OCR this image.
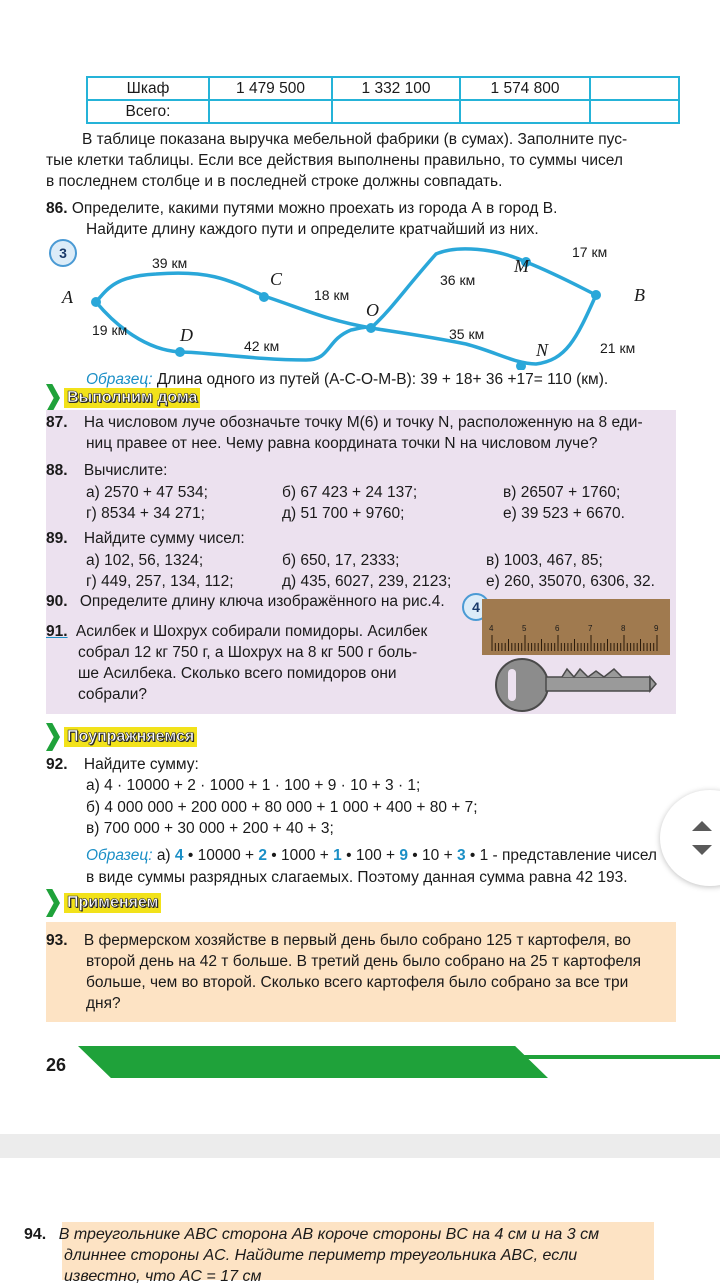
Шкаф	1 479 500	1 332 100	1 574 800	
Всего:				
В таблице показана выручка мебельной фабрики (в сумах). Заполните пус-
тые клетки таблицы. Если все действия выполнены правильно, то суммы чисел
в последнем столбце и в последней строке должны совпадать.
86. Определите, какими путями можно проехать из города А в город В.
Найдите длину каждого пути и определите кратчайший из них.
3
A
C
D
O
M
N
B
39 км
19 км
18 км
42 км
36 км
35 км
17 км
21 км
Образец: Длина одного из путей (А-С-О-М-В): 39 + 18+ 36 +17= 110 (км).
Выполним дома
87. На числовом луче обозначьте точку M(6) и точку N, расположенную на 8 еди-
ниц правее от нее. Чему равна координата точки N на числовом луче?
88. Вычислите:
а) 2570 + 47 534;	б) 67 423 + 24 137;	в) 26507 + 1760;
г) 8534 + 34 271;	д) 51 700 + 9760;	е) 39 523 + 6670.
89. Найдите сумму чисел:
а) 102, 56, 1324;	б) 650, 17, 2333;	в) 1003, 467, 85;
г) 449, 257, 134, 112;	д) 435, 6027, 239, 2123; е) 260, 35070, 6306, 32.
90. Определите длину ключа изображённого на рис.4.	4
4	5	6	7	8	9
91. Асилбек и Шохрух собирали помидоры. Асилбек
собрал 12 кг 750 г, а Шохрух на 8 кг 500 г боль-
ше Асилбека. Сколько всего помидоров они
собрали?
Поупражняемся
92. Найдите сумму:
а) 4 · 10000 + 2 · 1000 + 1 · 100 + 9 · 10 + 3 · 1;
б) 4 000 000 + 200 000 + 80 000 + 1 000 + 400 + 80 + 7;
в) 700 000 + 30 000 + 200 + 40 + 3;
Образец: а) 4 • 10000 + 2 • 1000 + 1 • 100 + 9 • 10 + 3 • 1 - представление чисел
в виде суммы разрядных слагаемых. Поэтому данная сумма равна 42 193.
Применяем
93. В фермерском хозяйстве в первый день было собрано 125 т картофеля, во
второй день на 42 т больше. В третий день было собрано на 25 т картофеля
больше, чем во второй. Сколько всего картофеля было собрано за все три
дня?
26
94. В треугольнике ABC сторона AB короче стороны BC на 4 см и на 3 см
длиннее стороны AC. Найдите периметр треугольника ABC, если
известно, что AC = 17 см
